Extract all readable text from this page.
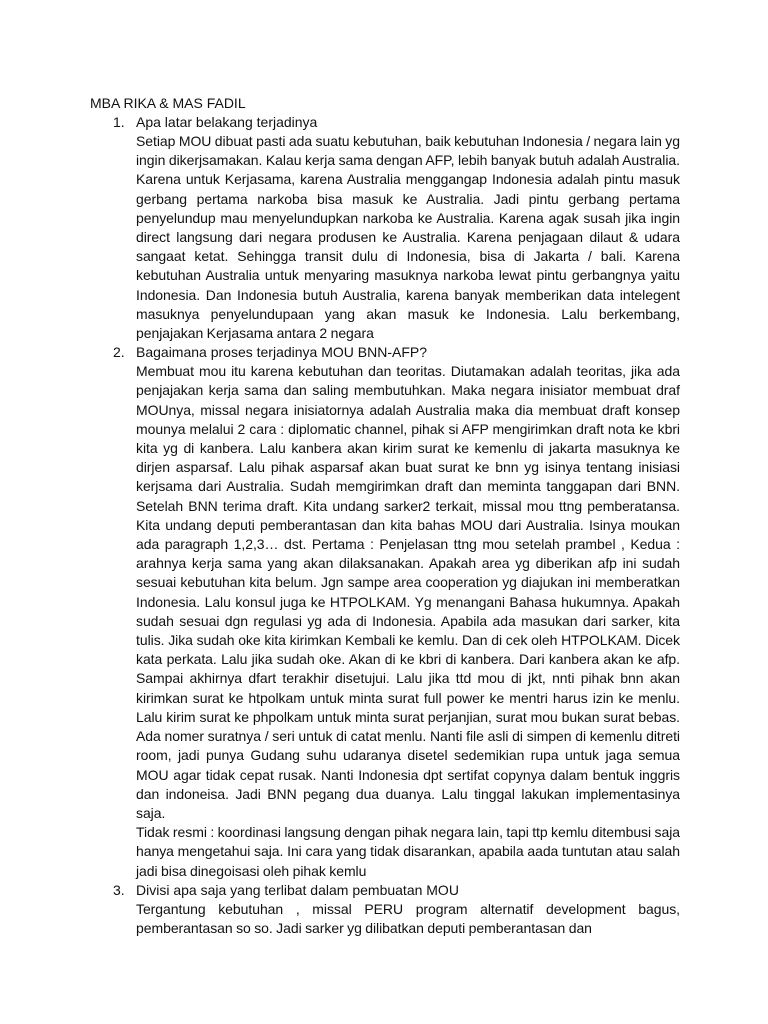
MBA RIKA & MAS FADIL
1. Apa latar belakang terjadinya

Setiap MOU dibuat pasti ada suatu kebutuhan, baik kebutuhan Indonesia / negara lain yg ingin dikerjsamakan. Kalau kerja sama dengan AFP, lebih banyak butuh adalah Australia. Karena untuk Kerjasama, karena Australia menggangap Indonesia adalah pintu masuk gerbang pertama narkoba bisa masuk ke Australia. Jadi pintu gerbang pertama penyelundup mau menyelundupkan narkoba ke Australia. Karena agak susah jika ingin direct langsung dari negara produsen ke Australia. Karena penjagaan dilaut & udara sangaat ketat. Sehingga transit dulu di Indonesia, bisa di Jakarta / bali. Karena kebutuhan Australia untuk menyaring masuknya narkoba lewat pintu gerbangnya yaitu Indonesia. Dan Indonesia butuh Australia, karena banyak memberikan data intelegent masuknya penyelundupaan yang akan masuk ke Indonesia. Lalu berkembang, penjajakan Kerjasama antara 2 negara

2. Bagaimana proses terjadinya MOU BNN-AFP?

Membuat mou itu karena kebutuhan dan teoritas. Diutamakan adalah teoritas, jika ada penjajakan kerja sama dan saling membutuhkan. Maka negara inisiator membuat draf MOUnya, missal negara inisiatornya adalah Australia maka dia membuat draft konsep mounya melalui 2 cara : diplomatic channel, pihak si AFP mengirimkan draft nota ke kbri kita yg di kanbera. Lalu kanbera akan kirim surat ke kemenlu di jakarta masuknya ke dirjen asparsaf. Lalu pihak asparsaf akan buat surat ke bnn yg isinya tentang inisiasi kerjsama dari Australia. Sudah memgirimkan draft dan meminta tanggapan dari BNN. Setelah BNN terima draft. Kita undang sarker2 terkait, missal mou ttng pemberatansa. Kita undang deputi pemberantasan dan kita bahas MOU dari Australia. Isinya moukan ada paragraph 1,2,3… dst. Pertama : Penjelasan ttng mou setelah prambel , Kedua : arahnya kerja sama yang akan dilaksanakan. Apakah area yg diberikan afp ini sudah sesuai kebutuhan kita belum. Jgn sampe area cooperation yg diajukan ini memberatkan Indonesia. Lalu konsul juga ke HTPOLKAM. Yg menangani Bahasa hukumnya. Apakah sudah sesuai dgn regulasi yg ada di Indonesia. Apabila ada masukan dari sarker, kita tulis. Jika sudah oke kita kirimkan Kembali ke kemlu. Dan di cek oleh HTPOLKAM. Dicek kata perkata. Lalu jika sudah oke. Akan di ke kbri di kanbera. Dari kanbera akan ke afp. Sampai akhirnya dfart terakhir disetujui. Lalu jika ttd mou di jkt, nnti pihak bnn akan kirimkan surat ke htpolkam untuk minta surat full power ke mentri harus izin ke menlu. Lalu kirim surat ke phpolkam untuk minta surat perjanjian, surat mou bukan surat bebas. Ada nomer suratnya / seri untuk di catat menlu. Nanti file asli di simpen di kemenlu ditreti room, jadi punya Gudang suhu udaranya disetel sedemikian rupa untuk jaga semua MOU agar tidak cepat rusak. Nanti Indonesia dpt sertifat copynya dalam bentuk inggris dan indoneisa. Jadi BNN pegang dua duanya. Lalu tinggal lakukan implementasinya saja.

Tidak resmi : koordinasi langsung dengan pihak negara lain, tapi ttp kemlu ditembusi saja hanya mengetahui saja. Ini cara yang tidak disarankan, apabila aada tuntutan atau salah jadi bisa dinegoisasi oleh pihak kemlu

3. Divisi apa saja yang terlibat dalam pembuatan MOU

Tergantung kebutuhan , missal PERU program alternatif development bagus, pemberantasan so so. Jadi sarker yg dilibatkan deputi pemberantasan dan
